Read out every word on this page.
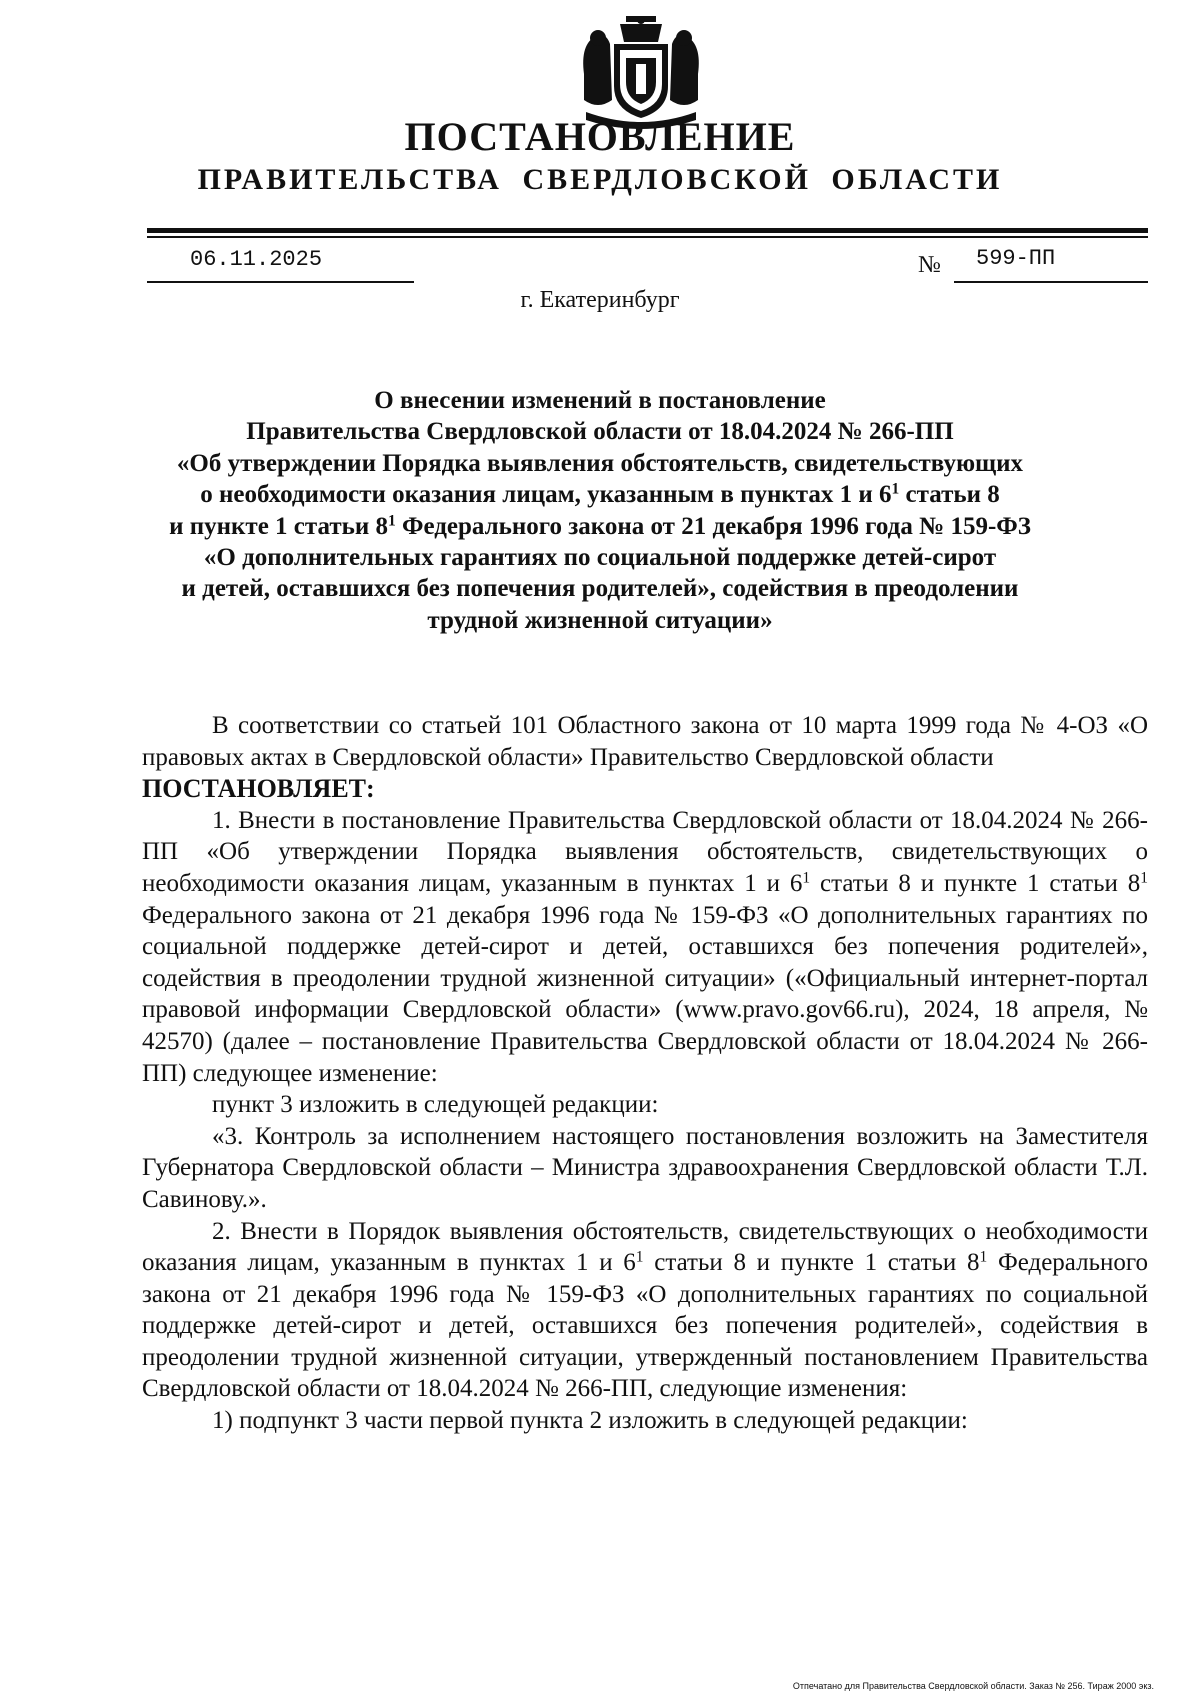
ПОСТАНОВЛЕНИЕ
ПРАВИТЕЛЬСТВА СВЕРДЛОВСКОЙ ОБЛАСТИ
06.11.2025	№ 599-ПП
г. Екатеринбург
О внесении изменений в постановление
Правительства Свердловской области от 18.04.2024 № 266-ПП
«Об утверждении Порядка выявления обстоятельств, свидетельствующих
о необходимости оказания лицам, указанным в пунктах 1 и $6^1$ статьи 8
и пункте 1 статьи $8^1$ Федерального закона от 21 декабря 1996 года № 159-ФЗ
«О дополнительных гарантиях по социальной поддержке детей-сирот
и детей, оставшихся без попечения родителей», содействия в преодолении
трудной жизненной ситуации»

В соответствии со статьей 101 Областного закона от 10 марта 1999 года № 4-ОЗ «О правовых актах в Свердловской области» Правительство Свердловской области

ПОСТАНОВЛЯЕТ:

1. Внести в постановление Правительства Свердловской области от 18.04.2024 № 266-ПП «Об утверждении Порядка выявления обстоятельств, свидетельствующих о необходимости оказания лицам, указанным в пунктах 1 и $6^1$ статьи 8 и пункте 1 статьи $8^1$ Федерального закона от 21 декабря 1996 года № 159-ФЗ «О дополнительных гарантиях по социальной поддержке детей-сирот и детей, оставшихся без попечения родителей», содействия в преодолении трудной жизненной ситуации» («Официальный интернет-портал правовой информации Свердловской области» (www.pravo.gov66.ru), 2024, 18 апреля, № 42570) (далее – постановление Правительства Свердловской области от 18.04.2024 № 266-ПП) следующее изменение:

пункт 3 изложить в следующей редакции:

«3. Контроль за исполнением настоящего постановления возложить на Заместителя Губернатора Свердловской области – Министра здравоохранения Свердловской области Т.Л. Савинову.».

2. Внести в Порядок выявления обстоятельств, свидетельствующих о необходимости оказания лицам, указанным в пунктах 1 и $6^1$ статьи 8 и пункте 1 статьи $8^1$ Федерального закона от 21 декабря 1996 года № 159-ФЗ «О дополнительных гарантиях по социальной поддержке детей-сирот и детей, оставшихся без попечения родителей», содействия в преодолении трудной жизненной ситуации, утвержденный постановлением Правительства Свердловской области от 18.04.2024 № 266-ПП, следующие изменения:

1) подпункт 3 части первой пункта 2 изложить в следующей редакции:

Отпечатано для Правительства Свердловской области. Заказ № 256. Тираж 2000 экз.
